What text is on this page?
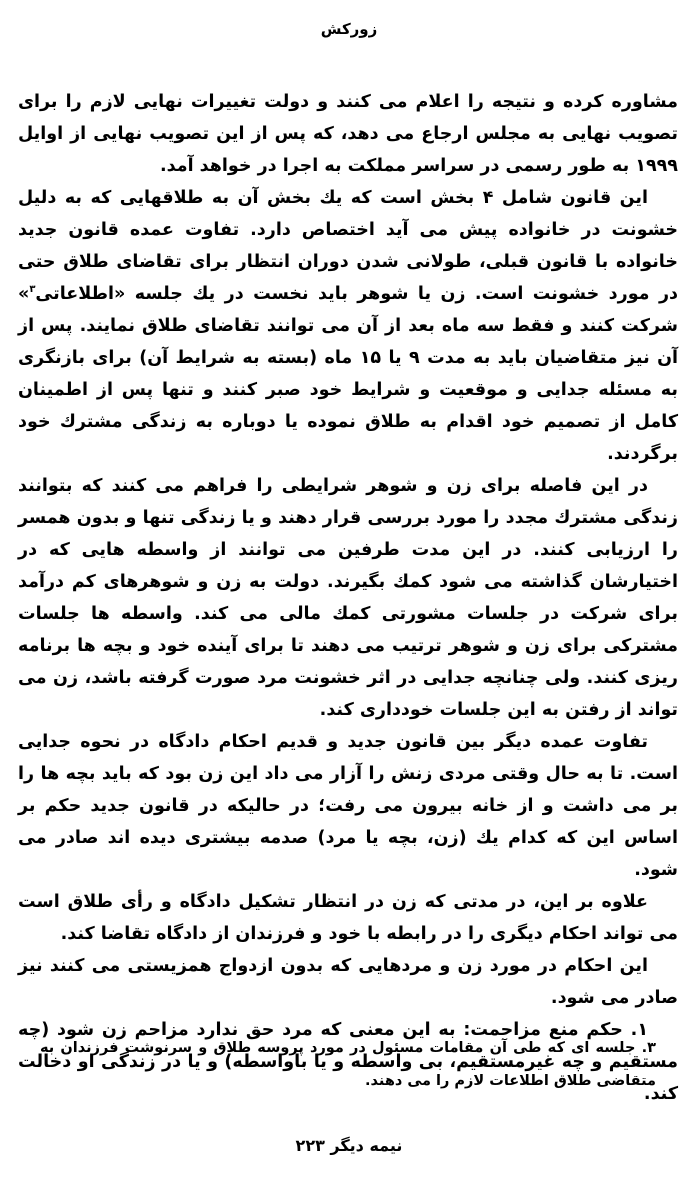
زوركش

مشاوره كرده و نتيجه را اعلام مى كنند و دولت تغييرات نهايى لازم را براى تصويب نهايى به مجلس ارجاع مى دهد، كه پس از اين تصويب نهايى از اوايل ۱۹۹۹ به طور رسمى در سراسر مملكت به اجرا در خواهد آمد.

اين قانون شامل ۴ بخش است كه يك بخش آن به طلاقهايى كه به دليل خشونت در خانواده پيش مى آيد اختصاص دارد. تفاوت عمده قانون جديد خانواده با قانون قبلى، طولانى شدن دوران انتظار براى تقاضاى طلاق حتى در مورد خشونت است. زن يا شوهر بايد نخست در يك جلسه «اطلاعاتى$^۳$» شركت كنند و فقط سه ماه بعد از آن مى توانند تقاضاى طلاق نمايند. پس از آن نيز متقاضيان بايد به مدت ۹ يا ۱۵ ماه (بسته به شرايط آن) براى بازنگرى به مسئله جدايى و موقعيت و شرايط خود صبر كنند و تنها پس از اطمينان كامل از تصميم خود اقدام به طلاق نموده يا دوباره به زندگى مشترك خود برگردند.

در اين فاصله براى زن و شوهر شرايطى را فراهم مى كنند كه بتوانند زندگى مشترك مجدد را مورد بررسى قرار دهند و يا زندگى تنها و بدون همسر را ارزيابى كنند. در اين مدت طرفين مى توانند از واسطه هايى كه در اختيارشان گذاشته مى شود كمك بگيرند. دولت به زن و شوهرهاى كم درآمد براى شركت در جلسات مشورتى كمك مالى مى كند. واسطه ها جلسات مشتركى براى زن و شوهر ترتيب مى دهند تا براى آينده خود و بچه ها برنامه ريزى كنند. ولى چنانچه جدايى در اثر خشونت مرد صورت گرفته باشد، زن مى تواند از رفتن به اين جلسات خوددارى كند.

تفاوت عمده ديگر بين قانون جديد و قديم احكام دادگاه در نحوه جدايى است. تا به حال وقتى مردى زنش را آزار مى داد اين زن بود كه بايد بچه ها را بر مى داشت و از خانه بيرون مى رفت؛ در حاليكه در قانون جديد حكم بر اساس اين كه كدام يك (زن، بچه يا مرد) صدمه بيشترى ديده اند صادر مى شود.

علاوه بر اين، در مدتى كه زن در انتظار تشكيل دادگاه و رأى طلاق است مى تواند احكام ديگرى را در رابطه با خود و فرزندان از دادگاه تقاضا كند.

اين احكام در مورد زن و مردهايى كه بدون ازدواج همزيستى مى كنند نيز صادر مى شود.

۱. حكم منع مزاحمت: به اين معنى كه مرد حق ندارد مزاحم زن شود (چه مستقيم و چه غيرمستقيم، بى واسطه و يا باواسطه) و يا در زندگى او دخالت كند.

۳. جلسه اى كه طى آن مقامات مسئول در مورد پروسه طلاق و سرنوشت فرزندان به متقاضى طلاق اطلاعات لازم را مى دهند.

نيمه ديگر ۲۲۳
